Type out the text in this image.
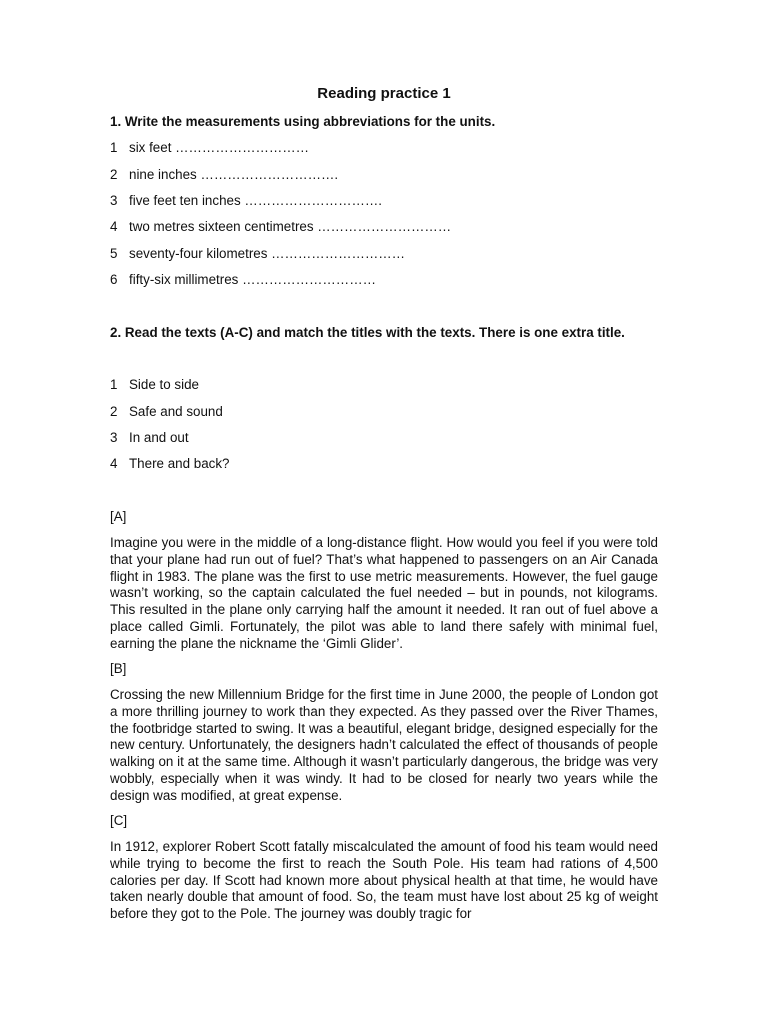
Reading practice 1
1. Write the measurements using abbreviations for the units.
1 six feet …………………………
2 nine inches ………………………….
3 five feet ten inches ………………………….
4 two metres sixteen centimetres …………………………
5 seventy-four kilometres …………………………
6 fifty-six millimetres …………………………
2. Read the texts (A-C) and match the titles with the texts. There is one extra title.
1 Side to side
2 Safe and sound
3 In and out
4 There and back?
[A]

Imagine you were in the middle of a long-distance flight. How would you feel if you were told that your plane had run out of fuel? That’s what happened to passengers on an Air Canada flight in 1983. The plane was the first to use metric measurements. However, the fuel gauge wasn’t working, so the captain calculated the fuel needed – but in pounds, not kilograms. This resulted in the plane only carrying half the amount it needed. It ran out of fuel above a place called Gimli. Fortunately, the pilot was able to land there safely with minimal fuel, earning the plane the nickname the ‘Gimli Glider’.

[B]

Crossing the new Millennium Bridge for the first time in June 2000, the people of London got a more thrilling journey to work than they expected. As they passed over the River Thames, the footbridge started to swing. It was a beautiful, elegant bridge, designed especially for the new century. Unfortunately, the designers hadn’t calculated the effect of thousands of people walking on it at the same time. Although it wasn’t particularly dangerous, the bridge was very wobbly, especially when it was windy. It had to be closed for nearly two years while the design was modified, at great expense.

[C]

In 1912, explorer Robert Scott fatally miscalculated the amount of food his team would need while trying to become the first to reach the South Pole. His team had rations of 4,500 calories per day. If Scott had known more about physical health at that time, he would have taken nearly double that amount of food. So, the team must have lost about 25 kg of weight before they got to the Pole. The journey was doubly tragic for
